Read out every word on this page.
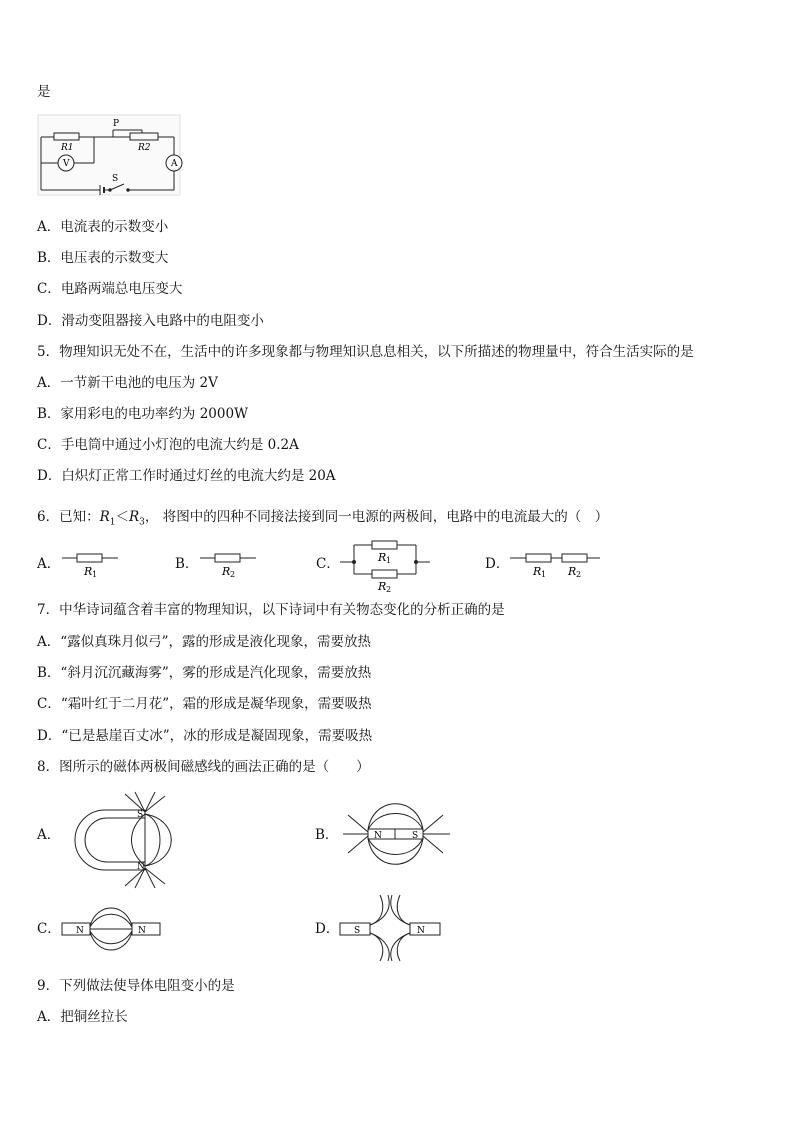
是
P
R1	R2
V	A
S
A．电流表的示数变小
B．电压表的示数变大
C．电路两端总电压变大
D．滑动变阻器接入电路中的电阻变小
5．物理知识无处不在，生活中的许多现象都与物理知识息息相关，以下所描述的物理量中，符合生活实际的是
A．一节新干电池的电压为 2V
B．家用彩电的电功率约为 2000W
C．手电筒中通过小灯泡的电流大约是 0.2A
D．白炽灯正常工作时通过灯丝的电流大约是 20A
6．已知：$R_1<R_3$， 将图中的四种不同接法接到同一电源的两极间，电路中的电流最大的（　）
A． R 1
B． R 2
C．	R 1
R 2
D． R 1 R 2
7．中华诗词蕴含着丰富的物理知识，以下诗词中有关物态变化的分析正确的是
A．“露似真珠月似弓”，露的形成是液化现象，需要放热
B．“斜月沉沉藏海雾”，雾的形成是汽化现象，需要放热
C．“霜叶红于二月花”，霜的形成是凝华现象，需要吸热
D．“已是悬崖百丈冰”，冰的形成是凝固现象，需要吸热
8．图所示的磁体两极间磁感线的画法正确的是（　　）
A．
S
N
B．	N	S
C． N	N	D． S	N
9．下列做法使导体电阻变小的是
A．把铜丝拉长
